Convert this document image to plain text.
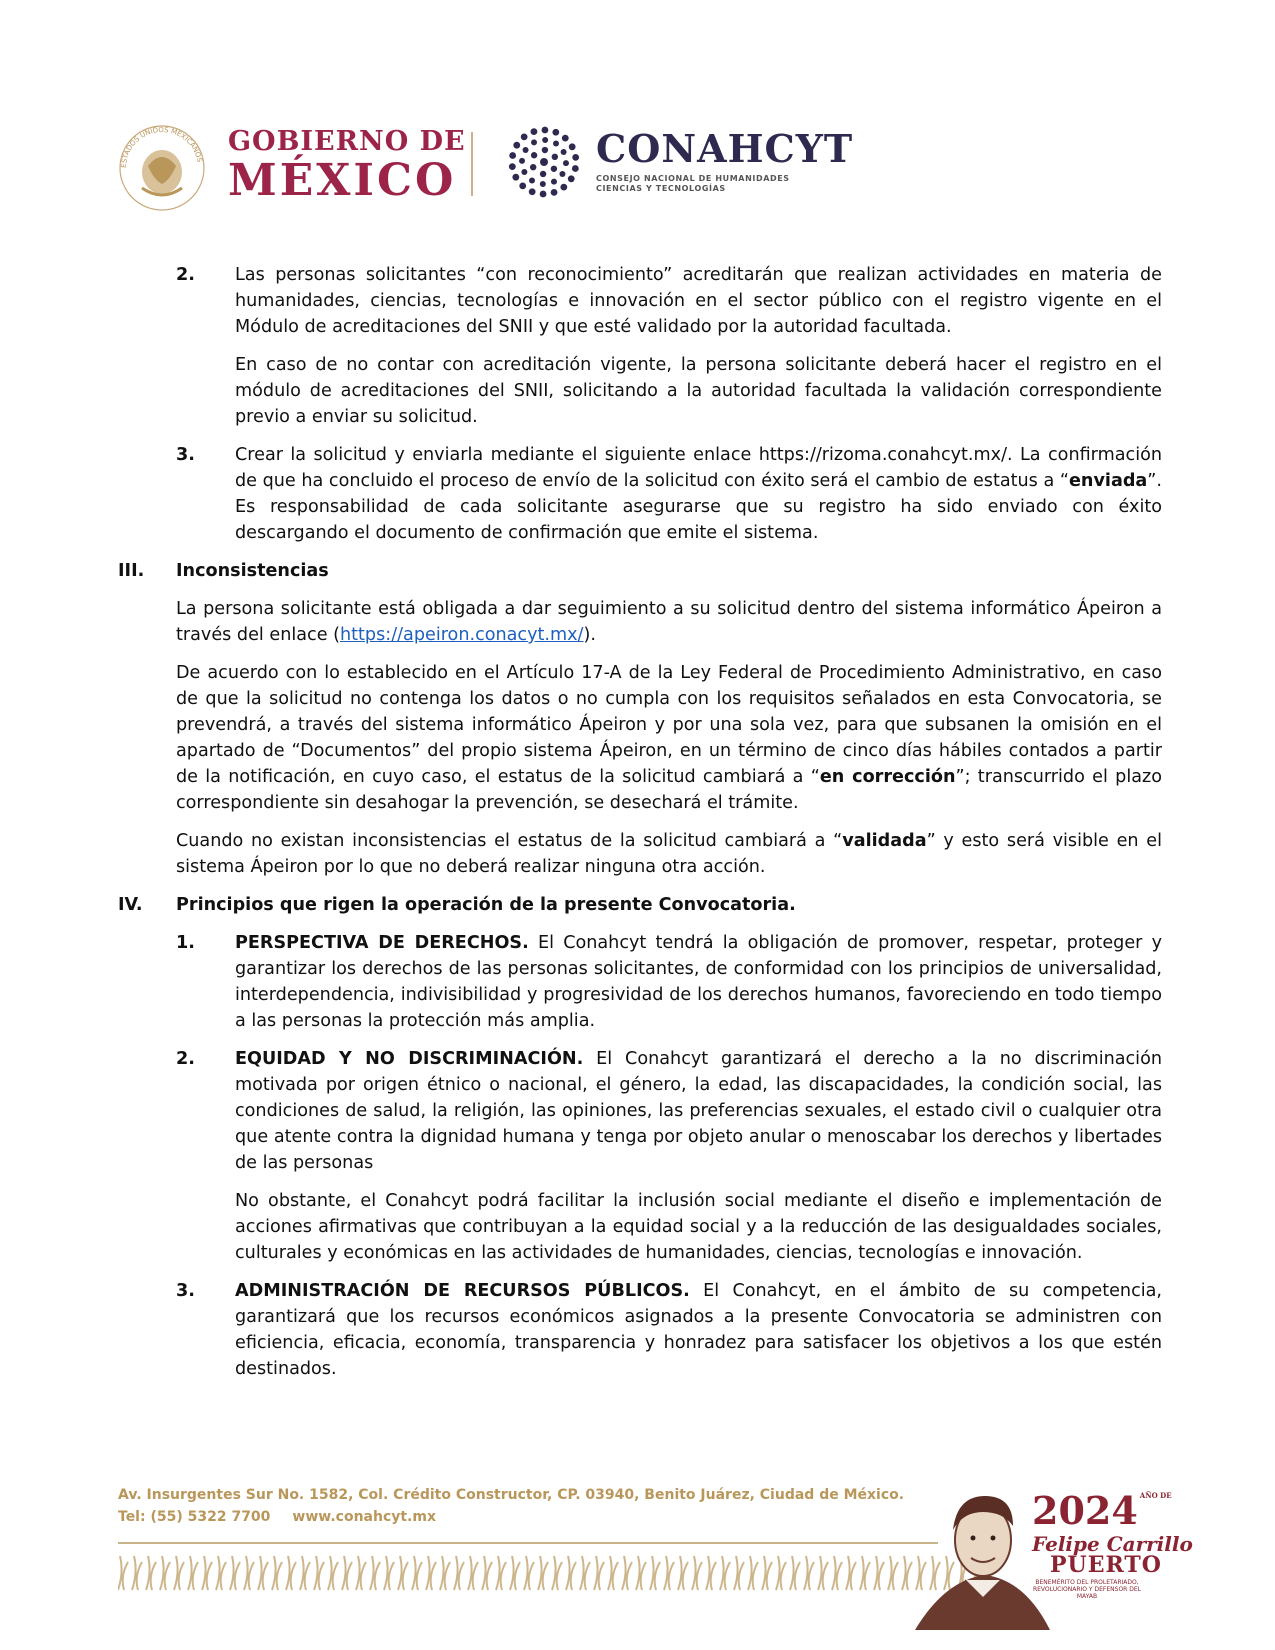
ESTADOS UNIDOS MEXICANOS
GOBIERNO DE
MÉXICO
CONAHCYT
CONSEJO NACIONAL DE HUMANIDADES
CIENCIAS Y TECNOLOGÍAS
2. Las personas solicitantes “con reconocimiento” acreditarán que realizan actividades en materia de humanidades, ciencias, tecnologías e innovación en el sector público con el registro vigente en el Módulo de acreditaciones del SNII y que esté validado por la autoridad facultada.
En caso de no contar con acreditación vigente, la persona solicitante deberá hacer el registro en el módulo de acreditaciones del SNII, solicitando a la autoridad facultada la validación correspondiente previo a enviar su solicitud.
3. Crear la solicitud y enviarla mediante el siguiente enlace https://rizoma.conahcyt.mx/. La confirmación de que ha concluido el proceso de envío de la solicitud con éxito será el cambio de estatus a “enviada”. Es responsabilidad de cada solicitante asegurarse que su registro ha sido enviado con éxito descargando el documento de confirmación que emite el sistema.
III. Inconsistencias
La persona solicitante está obligada a dar seguimiento a su solicitud dentro del sistema informático Ápeiron a través del enlace (https://apeiron.conacyt.mx/).
De acuerdo con lo establecido en el Artículo 17-A de la Ley Federal de Procedimiento Administrativo, en caso de que la solicitud no contenga los datos o no cumpla con los requisitos señalados en esta Convocatoria, se prevendrá, a través del sistema informático Ápeiron y por una sola vez, para que subsanen la omisión en el apartado de “Documentos” del propio sistema Ápeiron, en un término de cinco días hábiles contados a partir de la notificación, en cuyo caso, el estatus de la solicitud cambiará a “en corrección”; transcurrido el plazo correspondiente sin desahogar la prevención, se desechará el trámite.
Cuando no existan inconsistencias el estatus de la solicitud cambiará a “validada” y esto será visible en el sistema Ápeiron por lo que no deberá realizar ninguna otra acción.
IV. Principios que rigen la operación de la presente Convocatoria.
1. PERSPECTIVA DE DERECHOS. El Conahcyt tendrá la obligación de promover, respetar, proteger y garantizar los derechos de las personas solicitantes, de conformidad con los principios de universalidad, interdependencia, indivisibilidad y progresividad de los derechos humanos, favoreciendo en todo tiempo a las personas la protección más amplia.
2. EQUIDAD Y NO DISCRIMINACIÓN. El Conahcyt garantizará el derecho a la no discriminación motivada por origen étnico o nacional, el género, la edad, las discapacidades, la condición social, las condiciones de salud, la religión, las opiniones, las preferencias sexuales, el estado civil o cualquier otra que atente contra la dignidad humana y tenga por objeto anular o menoscabar los derechos y libertades de las personas
No obstante, el Conahcyt podrá facilitar la inclusión social mediante el diseño e implementación de acciones afirmativas que contribuyan a la equidad social y a la reducción de las desigualdades sociales, culturales y económicas en las actividades de humanidades, ciencias, tecnologías e innovación.
3. ADMINISTRACIÓN DE RECURSOS PÚBLICOS. El Conahcyt, en el ámbito de su competencia, garantizará que los recursos económicos asignados a la presente Convocatoria se administren con eficiencia, eficacia, economía, transparencia y honradez para satisfacer los objetivos a los que estén destinados.
Av. Insurgentes Sur No. 1582, Col. Crédito Constructor, CP. 03940, Benito Juárez, Ciudad de México.
Tel: (55) 5322 7700 www.conahcyt.mx	2024 $^{AÑO DE}$
Felipe Carrillo
PUERTO
BENEMÉRITO DEL PROLETARIADO, REVOLUCIONARIO Y DEFENSOR DEL MAYAB
